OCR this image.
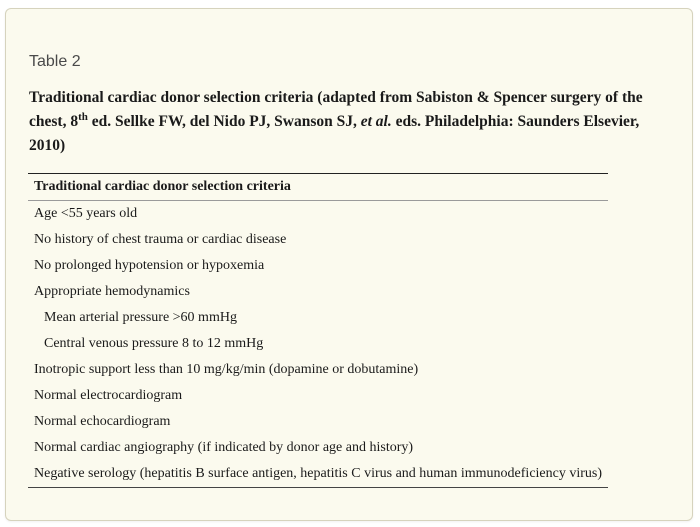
Table 2
Traditional cardiac donor selection criteria (adapted from Sabiston & Spencer surgery of the chest, 8th ed. Sellke FW, del Nido PJ, Swanson SJ, et al. eds. Philadelphia: Saunders Elsevier, 2010)
Traditional cardiac donor selection criteria
Age <55 years old
No history of chest trauma or cardiac disease
No prolonged hypotension or hypoxemia
Appropriate hemodynamics
Mean arterial pressure >60 mmHg
Central venous pressure 8 to 12 mmHg
Inotropic support less than 10 mg/kg/min (dopamine or dobutamine)
Normal electrocardiogram
Normal echocardiogram
Normal cardiac angiography (if indicated by donor age and history)
Negative serology (hepatitis B surface antigen, hepatitis C virus and human immunodeficiency virus)
